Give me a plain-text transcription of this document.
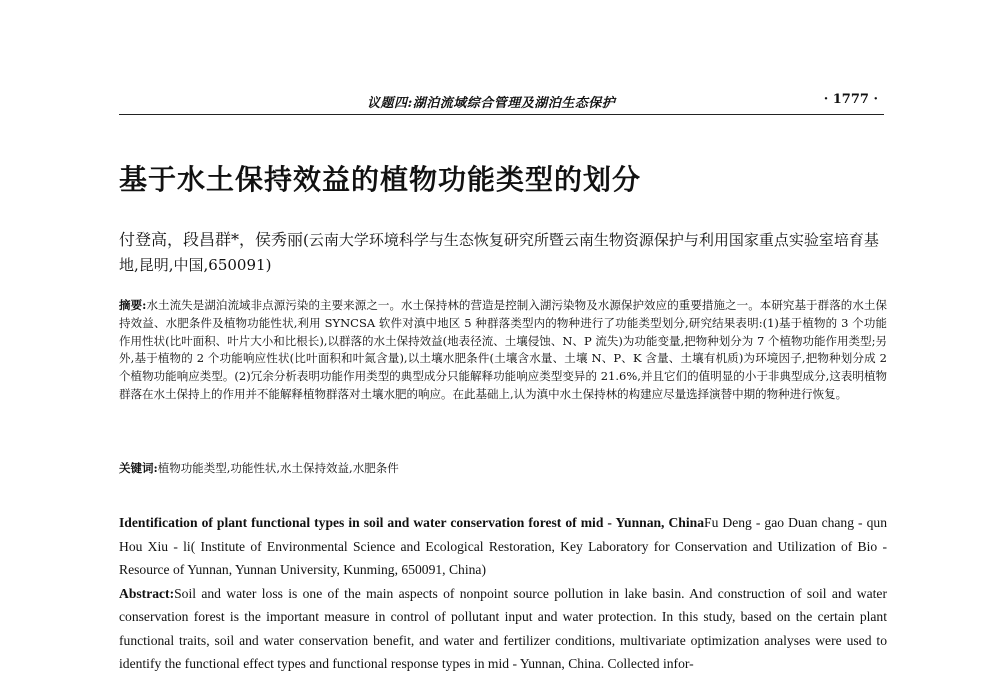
议题四:湖泊流域综合管理及湖泊生态保护	· 1777 ·
基于水土保持效益的植物功能类型的划分
付登高，段昌群*，侯秀丽(云南大学环境科学与生态恢复研究所暨云南生物资源保护与利用国家重点实验室培育基地,昆明,中国,650091)
摘要:水土流失是湖泊流域非点源污染的主要来源之一。水土保持林的营造是控制入湖污染物及水源保护效应的重要措施之一。本研究基于群落的水土保持效益、水肥条件及植物功能性状,利用 SYNCSA 软件对滇中地区 5 种群落类型内的物种进行了功能类型划分,研究结果表明:(1)基于植物的 3 个功能作用性状(比叶面积、叶片大小和比根长),以群落的水土保持效益(地表径流、土壤侵蚀、N、P 流失)为功能变量,把物种划分为 7 个植物功能作用类型;另外,基于植物的 2 个功能响应性状(比叶面积和叶氮含量),以土壤水肥条件(土壤含水量、土壤 N、P、K 含量、土壤有机质)为环境因子,把物种划分成 2 个植物功能响应类型。(2)冗余分析表明功能作用类型的典型成分只能解释功能响应类型变异的 21.6%,并且它们的值明显的小于非典型成分,这表明植物群落在水土保持上的作用并不能解释植物群落对土壤水肥的响应。在此基础上,认为滇中水土保持林的构建应尽量选择演替中期的物种进行恢复。
关键词:植物功能类型,功能性状,水土保持效益,水肥条件
Identification of plant functional types in soil and water conservation forest of mid - Yunnan, ChinaFu Deng - gao Duan chang - qun Hou Xiu - li( Institute of Environmental Science and Ecological Restoration, Key Laboratory for Conservation and Utilization of Bio - Resource of Yunnan, Yunnan University, Kunming, 650091, China)
Abstract:Soil and water loss is one of the main aspects of nonpoint source pollution in lake basin. And construction of soil and water conservation forest is the important measure in control of pollutant input and water protection. In this study, based on the certain plant functional traits, soil and water conservation benefit, and water and fertilizer conditions, multivariate optimization analyses were used to identify the functional effect types and functional response types in mid - Yunnan, China. Collected infor-
